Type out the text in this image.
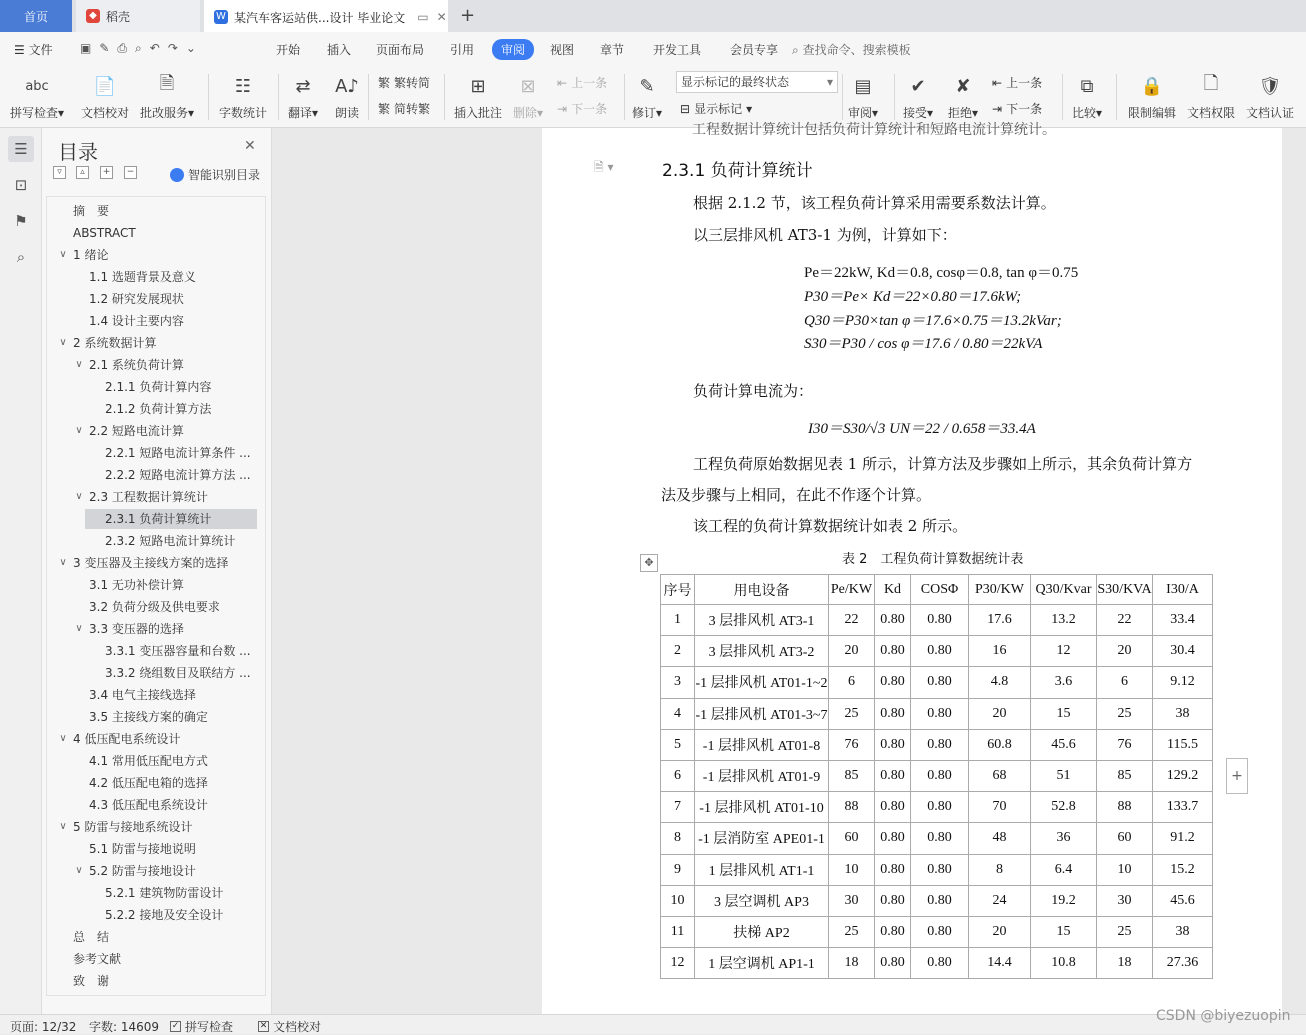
首页	◆ 稻壳	W 某汽车客运站供...设计 毕业论文 ▭ ✕ +
☰ 文件 ▣✎⎙⌕↶↷⌄	开始 插入 页面布局 引用	审阅	视图 章节 开发工具 会员专享 ⌕ 查找命令、搜索模板
abc
拼写检查▾
📄
文档校对
🗎
批改服务▾
☷
字数统计
⇄
翻译▾
A♪
朗读
繁 繁转简
繁 简转繁
⊞
插入批注
⊠
删除▾
⇤ 上一条
⇥ 下一条
✎
修订▾
显示标记的最终状态	▾
⊟ 显示标记 ▾
▤
审阅▾
✔
接受▾
✘
拒绝▾
⇤ 上一条
⇥ 下一条
⧉
比较▾
🔒
限制编辑
🗋
文档权限
🛡
文档认证
☰
⊡
⚑
⌕
目录	✕
▿	▵	+	−	智能识别目录
摘　要
ABSTRACT
∨ 1 绪论
1.1 选题背景及意义
1.2 研究发展现状
1.4 设计主要内容
∨ 2 系统数据计算
∨ 2.1 系统负荷计算
2.1.1 负荷计算内容
2.1.2 负荷计算方法
∨ 2.2 短路电流计算
2.2.1 短路电流计算条件 ...
2.2.2 短路电流计算方法 ...
∨ 2.3 工程数据计算统计
2.3.1 负荷计算统计
2.3.2 短路电流计算统计
∨ 3 变压器及主接线方案的选择
3.1 无功补偿计算
3.2 负荷分级及供电要求
∨ 3.3 变压器的选择
3.3.1 变压器容量和台数 ...
3.3.2 绕组数目及联结方 ...
3.4 电气主接线选择
3.5 主接线方案的确定
∨ 4 低压配电系统设计
4.1 常用低压配电方式
4.2 低压配电箱的选择
4.3 低压配电系统设计
∨ 5 防雷与接地系统设计
5.1 防雷与接地说明
∨ 5.2 防雷与接地设计
5.2.1 建筑物防雷设计
5.2.2 接地及安全设计
总　结
参考文献
致　谢
工程数据计算统计包括负荷计算统计和短路电流计算统计。
🗎 ▾	2.3.1 负荷计算统计
根据 2.1.2 节，该工程负荷计算采用需要系数法计算。
以三层排风机 AT3-1 为例，计算如下：
Pe＝22kW, Kd＝0.8, cosφ＝0.8, tan φ＝0.75
P30＝Pe× Kd＝22×0.80＝17.6kW;
Q30＝P30×tan φ＝17.6×0.75＝13.2kVar;
S30＝P30 / cos φ＝17.6 / 0.80＝22kVA
负荷计算电流为：
I30＝S30/√3 UN＝22 / 0.658＝33.4A
工程负荷原始数据见表 1 所示，计算方法及步骤如上所示，其余负荷计算方
法及步骤与上相同，在此不作逐个计算。
该工程的负荷计算数据统计如表 2 所示。
✥	表 2　工程负荷计算数据统计表
序号	用电设备	Pe/KW	Kd	COSΦ	P30/KW	Q30/Kvar	S30/KVA	I30/A
1	3 层排风机 AT3-1	22	0.80	0.80	17.6	13.2	22	33.4
2	3 层排风机 AT3-2	20	0.80	0.80	16	12	20	30.4
3	-1 层排风机 AT01-1~2	6	0.80	0.80	4.8	3.6	6	9.12
4	-1 层排风机 AT01-3~7	25	0.80	0.80	20	15	25	38
5	-1 层排风机 AT01-8	76	0.80	0.80	60.8	45.6	76	115.5
6	-1 层排风机 AT01-9	85	0.80	0.80	68	51	85	129.2
7	-1 层排风机 AT01-10	88	0.80	0.80	70	52.8	88	133.7
8	-1 层消防室 APE01-1	60	0.80	0.80	48	36	60	91.2
9	1 层排风机 AT1-1	10	0.80	0.80	8	6.4	10	15.2
10	3 层空调机 AP3	30	0.80	0.80	24	19.2	30	45.6
11	扶梯 AP2	25	0.80	0.80	20	15	25	38
12	1 层空调机 AP1-1	18	0.80	0.80	14.4	10.8	18	27.36
+
页面: 12/32 字数: 14609 ✓ 拼写检查	✕ 文档校对
CSDN @biyezuopin
